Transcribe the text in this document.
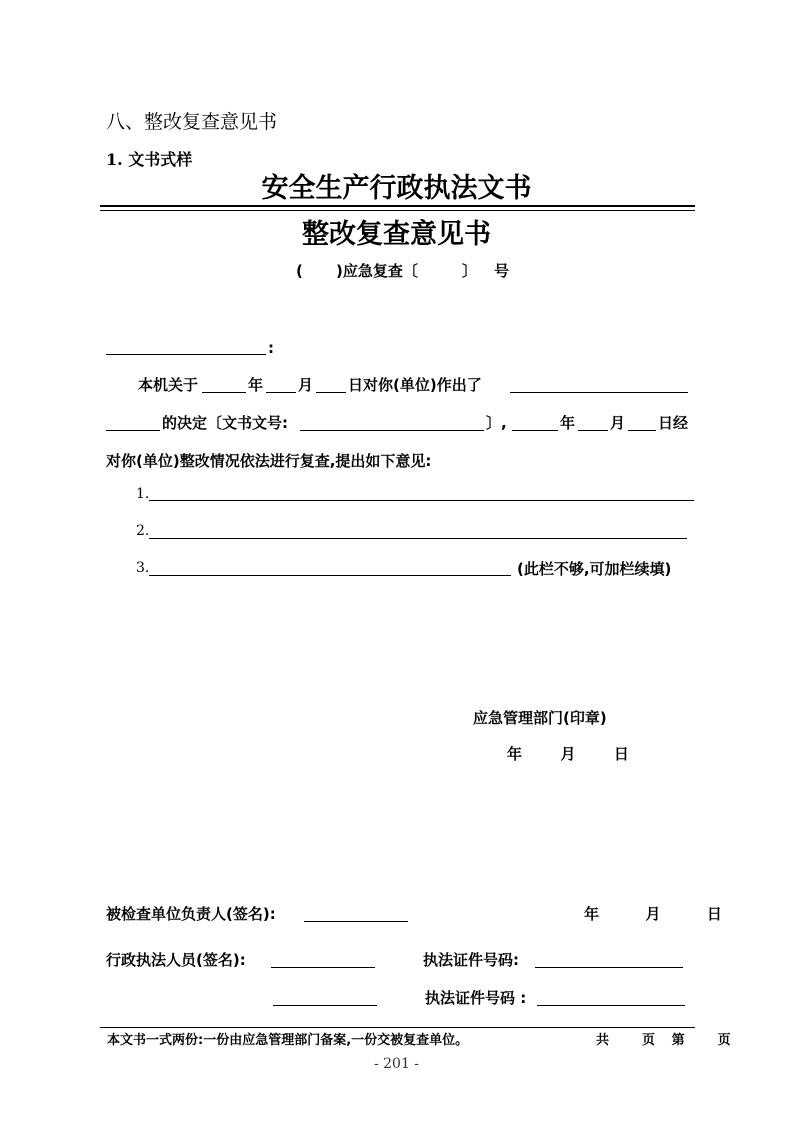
八、整改复查意见书
1. 文书式样
安全生产行政执法文书
整改复查意见书
( )应急复查〔	〕 号
:
本机关于	年 月 日对你(单位)作出了
的决定〔文书文号:	〕,	年 月 日经
对你(单位)整改情况依法进行复查,提出如下意见:
1.
2.
3.	(此栏不够,可加栏续填)
应急管理部门(印章)
年  月  日
被检查单位负责人(签名):	年  月  日
行政执法人员(签名):	执法证件号码:
执法证件号码 :
本文书一式两份:一份由应急管理部门备案,一份交被复查单位。	共  页 第  页
- 201 -
